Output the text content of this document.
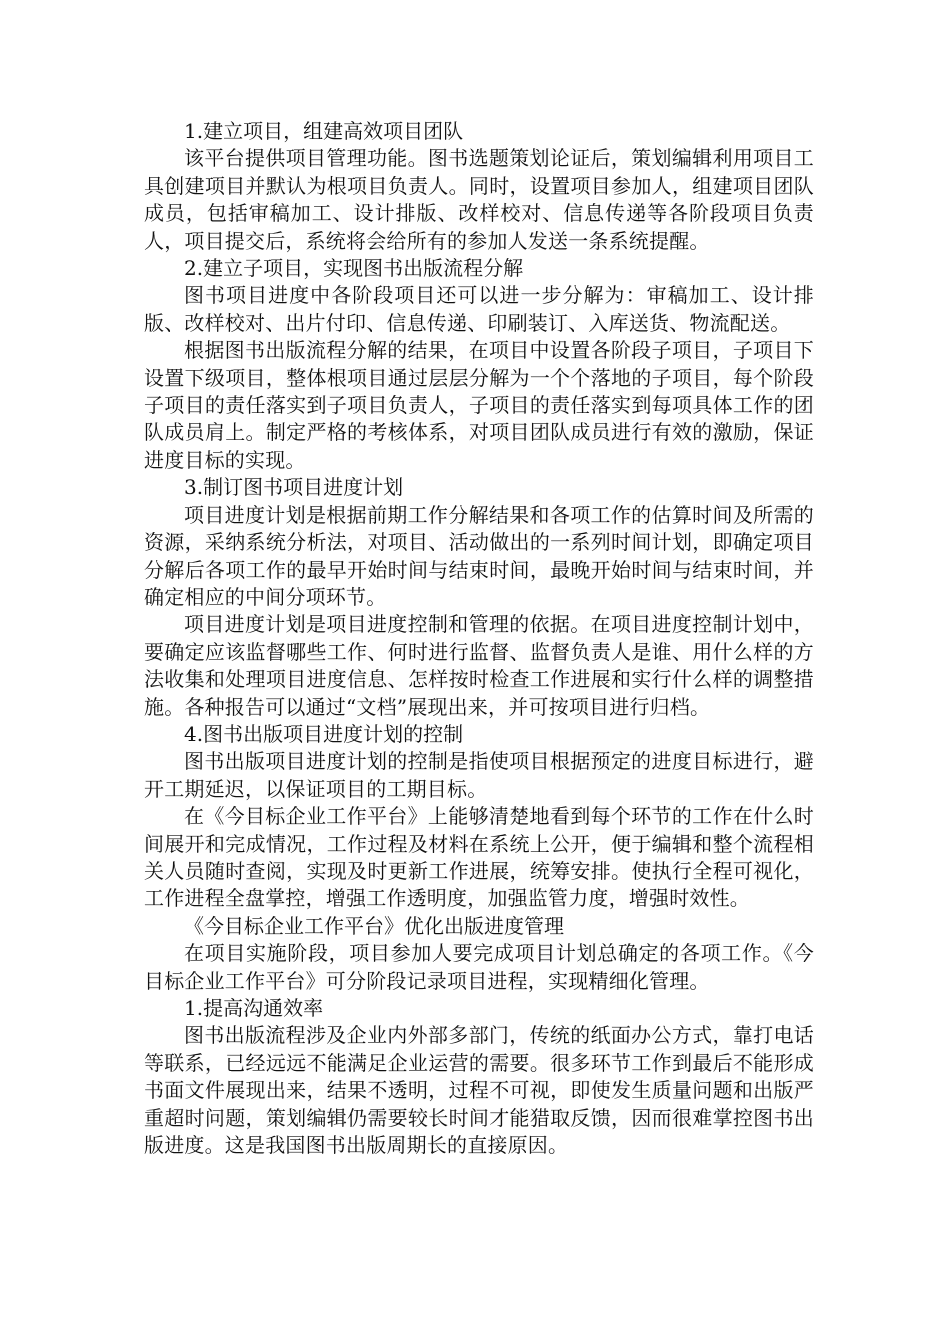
1.建立项目，组建高效项目团队

该平台提供项目管理功能。图书选题策划论证后，策划编辑利用项目工具创建项目并默认为根项目负责人。同时，设置项目参加人，组建项目团队成员，包括审稿加工、设计排版、改样校对、信息传递等各阶段项目负责人，项目提交后，系统将会给所有的参加人发送一条系统提醒。

2.建立子项目，实现图书出版流程分解

图书项目进度中各阶段项目还可以进一步分解为：审稿加工、设计排版、改样校对、出片付印、信息传递、印刷装订、入库送货、物流配送。

根据图书出版流程分解的结果，在项目中设置各阶段子项目，子项目下设置下级项目，整体根项目通过层层分解为一个个落地的子项目，每个阶段子项目的责任落实到子项目负责人，子项目的责任落实到每项具体工作的团队成员肩上。制定严格的考核体系，对项目团队成员进行有效的激励，保证进度目标的实现。

3.制订图书项目进度计划

项目进度计划是根据前期工作分解结果和各项工作的估算时间及所需的资源，采纳系统分析法，对项目、活动做出的一系列时间计划，即确定项目分解后各项工作的最早开始时间与结束时间，最晚开始时间与结束时间，并确定相应的中间分项环节。

项目进度计划是项目进度控制和管理的依据。在项目进度控制计划中，要确定应该监督哪些工作、何时进行监督、监督负责人是谁、用什么样的方法收集和处理项目进度信息、怎样按时检查工作进展和实行什么样的调整措施。各种报告可以通过“文档”展现出来，并可按项目进行归档。

4.图书出版项目进度计划的控制

图书出版项目进度计划的控制是指使项目根据预定的进度目标进行，避开工期延迟，以保证项目的工期目标。

在《今目标企业工作平台》上能够清楚地看到每个环节的工作在什么时间展开和完成情况，工作过程及材料在系统上公开，便于编辑和整个流程相关人员随时查阅，实现及时更新工作进展，统筹安排。使执行全程可视化，工作进程全盘掌控，增强工作透明度，加强监管力度，增强时效性。

《今目标企业工作平台》优化出版进度管理

在项目实施阶段，项目参加人要完成项目计划总确定的各项工作。《今目标企业工作平台》可分阶段记录项目进程，实现精细化管理。

1.提高沟通效率

图书出版流程涉及企业内外部多部门，传统的纸面办公方式，靠打电话等联系，已经远远不能满足企业运营的需要。很多环节工作到最后不能形成书面文件展现出来，结果不透明，过程不可视，即使发生质量问题和出版严重超时问题，策划编辑仍需要较长时间才能猎取反馈，因而很难掌控图书出版进度。这是我国图书出版周期长的直接原因。
